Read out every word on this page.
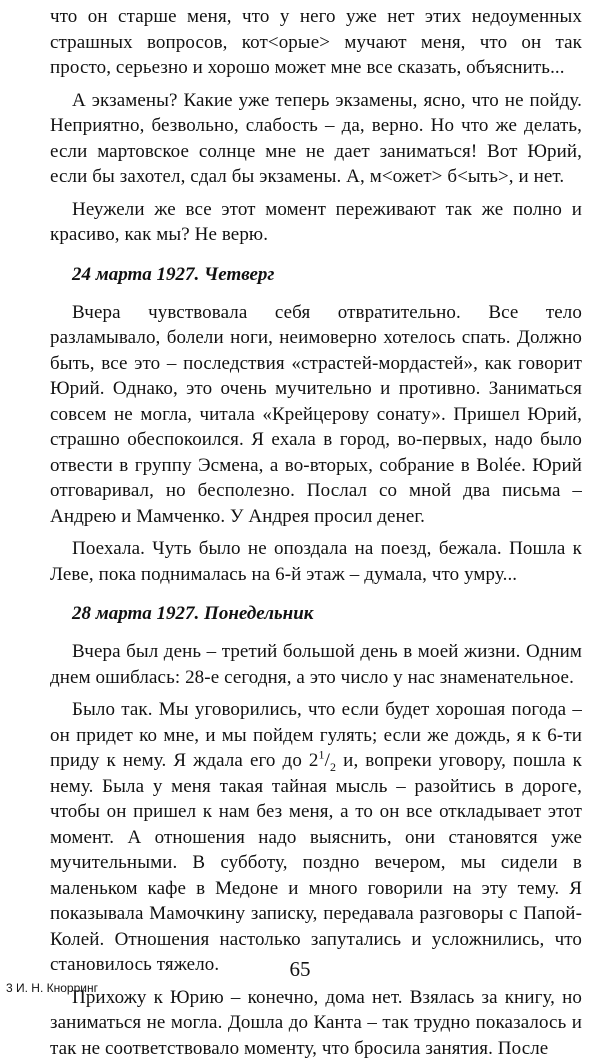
что он старше меня, что у него уже нет этих недоуменных страшных вопросов, кот<орые> мучают меня, что он так просто, серьезно и хорошо может мне все сказать, объяснить...

А экзамены? Какие уже теперь экзамены, ясно, что не пойду. Неприятно, безвольно, слабость – да, верно. Но что же делать, если мартовское солнце мне не дает заниматься! Вот Юрий, если бы захотел, сдал бы экзамены. А, м<ожет> б<ыть>, и нет.

Неужели же все этот момент переживают так же полно и красиво, как мы? Не верю.

24 марта 1927. Четверг

Вчера чувствовала себя отвратительно. Все тело разламывало, болели ноги, неимоверно хотелось спать. Должно быть, все это – последствия «страстей-мордастей», как говорит Юрий. Однако, это очень мучительно и противно. Заниматься совсем не могла, читала «Крейцерову сонату». Пришел Юрий, страшно обеспокоился. Я ехала в город, во-первых, надо было отвести в группу Эсмена, а во-вторых, собрание в Bolée. Юрий отговаривал, но бесполезно. Послал со мной два письма – Андрею и Мамченко. У Андрея просил денег.

Поехала. Чуть было не опоздала на поезд, бежала. Пошла к Леве, пока поднималась на 6-й этаж – думала, что умру...

28 марта 1927. Понедельник

Вчера был день – третий большой день в моей жизни. Одним днем ошиблась: 28-е сегодня, а это число у нас знаменательное.

Было так. Мы уговорились, что если будет хорошая погода – он придет ко мне, и мы пойдем гулять; если же дождь, я к 6-ти приду к нему. Я ждала его до $2^1/_2$ и, вопреки уговору, пошла к нему. Была у меня такая тайная мысль – разойтись в дороге, чтобы он пришел к нам без меня, а то он все откладывает этот момент. А отношения надо выяснить, они становятся уже мучительными. В субботу, поздно вечером, мы сидели в маленьком кафе в Медоне и много говорили на эту тему. Я показывала Мамочкину записку, передавала разговоры с Папой-Колей. Отношения настолько запутались и усложнились, что становилось тяжело.

Прихожу к Юрию – конечно, дома нет. Взялась за книгу, но заниматься не могла. Дошла до Канта – так трудно показалось и так не соответствовало моменту, что бросила занятия. После

65
3 И. Н. Кнорринг
